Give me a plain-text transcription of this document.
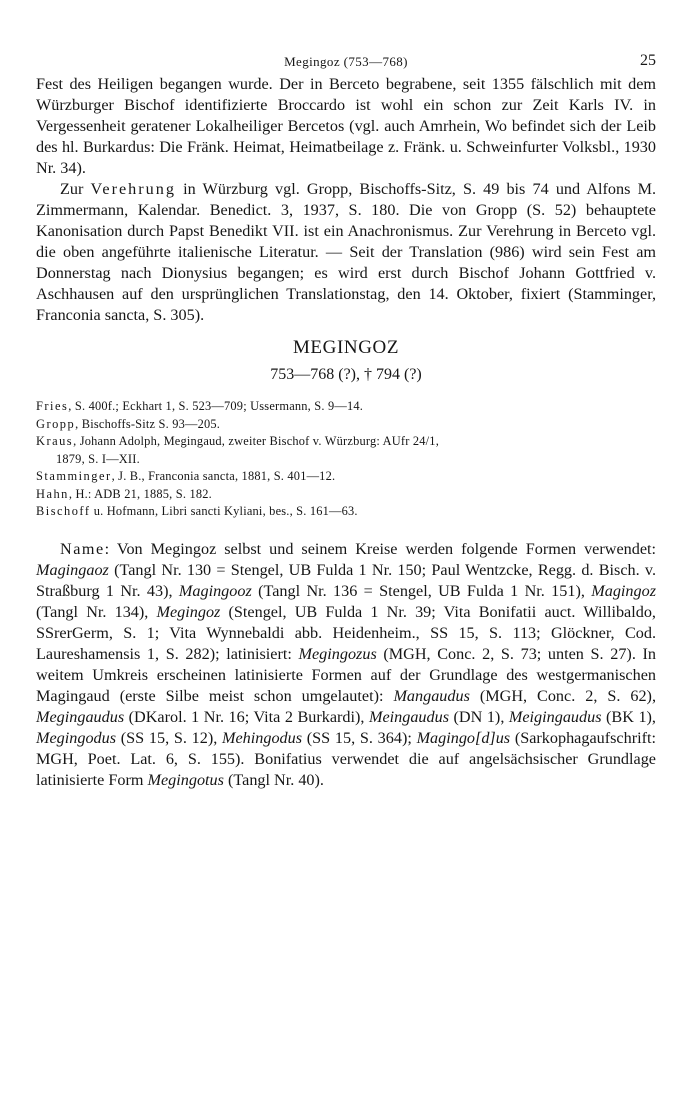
Megingoz (753—768)	25

Fest des Heiligen begangen wurde. Der in Berceto begrabene, seit 1355 fälschlich mit dem Würzburger Bischof identifizierte Broccardo ist wohl ein schon zur Zeit Karls IV. in Vergessenheit geratener Lokalheiliger Bercetos (vgl. auch Amrhein, Wo befindet sich der Leib des hl. Burkardus: Die Fränk. Heimat, Heimatbeilage z. Fränk. u. Schweinfurter Volksbl., 1930 Nr. 34).

Zur Verehrung in Würzburg vgl. Gropp, Bischoffs-Sitz, S. 49 bis 74 und Alfons M. Zimmermann, Kalendar. Benedict. 3, 1937, S. 180. Die von Gropp (S. 52) behauptete Kanonisation durch Papst Benedikt VII. ist ein Anachronismus. Zur Verehrung in Berceto vgl. die oben angeführte italienische Literatur. — Seit der Translation (986) wird sein Fest am Donnerstag nach Dionysius begangen; es wird erst durch Bischof Johann Gottfried v. Aschhausen auf den ursprünglichen Translationstag, den 14. Oktober, fixiert (Stamminger, Franconia sancta, S. 305).

MEGINGOZ
753—768 (?), † 794 (?)
Fries, S. 400f.; Eckhart 1, S. 523—709; Ussermann, S. 9—14.
Gropp, Bischoffs-Sitz S. 93—205.
Kraus, Johann Adolph, Megingaud, zweiter Bischof v. Würzburg: AUfr 24/1,
1879, S. I—XII.
Stamminger, J. B., Franconia sancta, 1881, S. 401—12.
Hahn, H.: ADB 21, 1885, S. 182.
Bischoff u. Hofmann, Libri sancti Kyliani, bes., S. 161—63.

Name: Von Megingoz selbst und seinem Kreise werden folgende Formen verwendet: Magingaoz (Tangl Nr. 130 = Stengel, UB Fulda 1 Nr. 150; Paul Wentzcke, Regg. d. Bisch. v. Straßburg 1 Nr. 43), Magingooz (Tangl Nr. 136 = Stengel, UB Fulda 1 Nr. 151), Magingoz (Tangl Nr. 134), Megingoz (Stengel, UB Fulda 1 Nr. 39; Vita Bonifatii auct. Willibaldo, SSrerGerm, S. 1; Vita Wynnebaldi abb. Heidenheim., SS 15, S. 113; Glöckner, Cod. Laureshamensis 1, S. 282); latinisiert: Megingozus (MGH, Conc. 2, S. 73; unten S. 27). In weitem Umkreis erscheinen latinisierte Formen auf der Grundlage des westgermanischen Magingaud (erste Silbe meist schon umgelautet): Mangaudus (MGH, Conc. 2, S. 62), Megingaudus (DKarol. 1 Nr. 16; Vita 2 Burkardi), Meingaudus (DN 1), Meigingaudus (BK 1), Megingodus (SS 15, S. 12), Mehingodus (SS 15, S. 364); Magingo[d]us (Sarkophagaufschrift: MGH, Poet. Lat. 6, S. 155). Bonifatius verwendet die auf angelsächsischer Grundlage latinisierte Form Megingotus (Tangl Nr. 40).
